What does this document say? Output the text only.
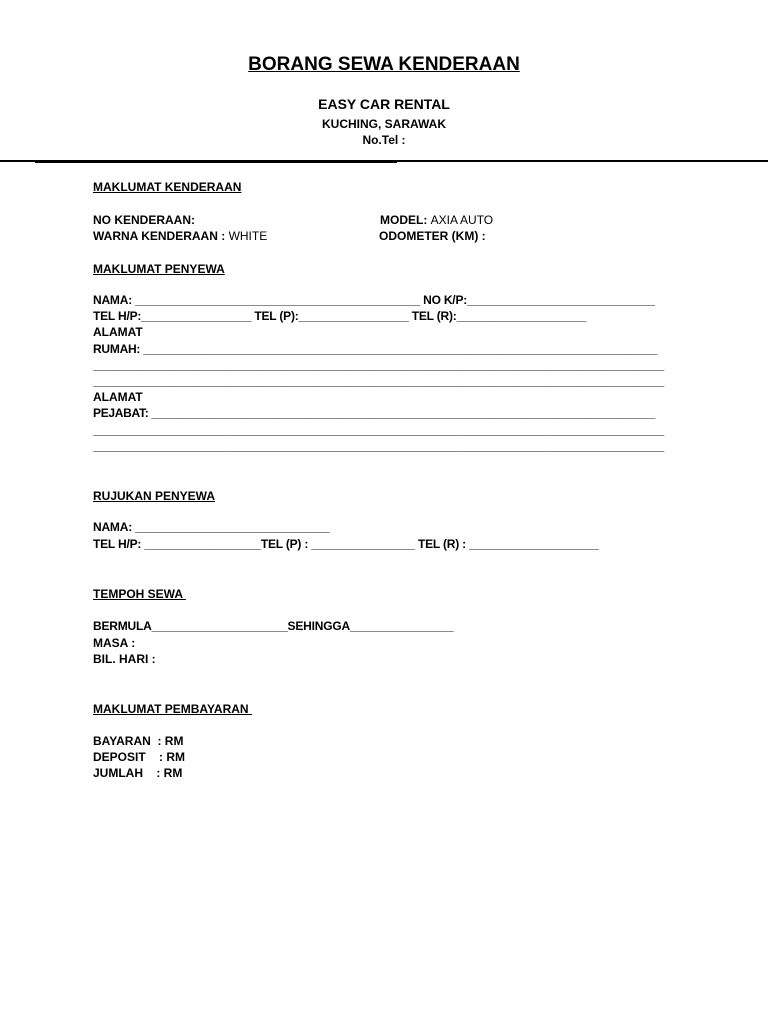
BORANG SEWA KENDERAAN
EASY CAR RENTAL
KUCHING, SARAWAK
No.Tel :
MAKLUMAT KENDERAAN
NO KENDERAAN:	MODEL: AXIA AUTO
WARNA KENDERAAN : WHITE	ODOMETER (KM) :
MAKLUMAT PENYEWA
NAMA: ____________________________________________ NO K/P:_____________________________
TEL H/P:_________________ TEL (P):_________________ TEL (R):____________________
ALAMAT
RUMAH: ________________________________________________________________________________
___________________________________________________________________________________________
___________________________________________________________________________________________
ALAMAT
PEJABAT: _______________________________________________________________________________
___________________________________________________________________________________________
___________________________________________________________________________________________
RUJUKAN PENYEWA
NAMA: ______________________________
TEL H/P: __________________TEL (P) : ________________ TEL (R) : ____________________
TEMPOH SEWA
BERMULA_____________________SEHINGGA________________
MASA :
BIL. HARI :
MAKLUMAT PEMBAYARAN
BAYARAN  : RM
DEPOSIT    : RM
JUMLAH    : RM
